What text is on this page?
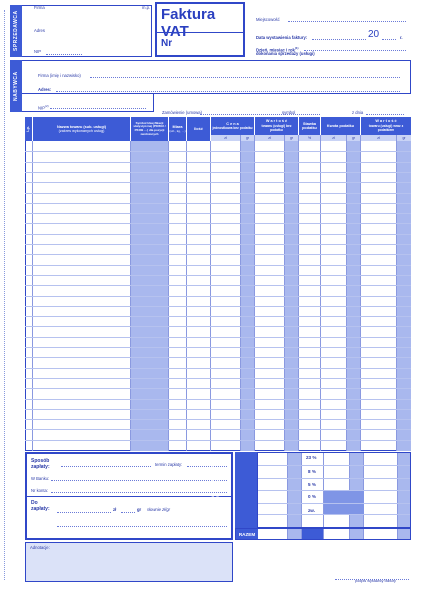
SPRZEDAWCA
Firma	m.p.
Adres
NIP
Faktura VAT
Nr
Miejscowość
Data wystawienia faktury:	20	r.
Dzień, miesiąc i rok$^{(1)}$
dokonania sprzedaży (usługi)
NABYWCA	Firma (imię i nazwisko)
Adres:
NIP$^{(2)}$
Zamówienie (umowa)	symbol	z dnia
Lp.	Nazwa towaru (sub. usługi)
(zakres wykonanych usług)
Symbol klasyfikacji statystycznej (PKWiU / PKOB …) dla pozycji zwolnionych
Miara
(szt., kg, …)
Ilość
C e n a
jednostkowa bez podatku
W a r t o ś ć
towaru (usługi) bez podatku
Stawka podatku
Kwota podatku
W a r t o ś ć
towaru (usługi) wraz z podatkiem
zł	gr	zł	gr	%	zł	gr	zł	gr
Sposób zapłaty:	termin zapłaty:
W Banku:
Nr konta:
Do zapłaty:	zł	gr słownie zł/gr	Zestawienie sprzedaży wg stawek podatku
23 %
8 %
5 %
0 %
zw.
RAZEM
Adnotacje:
podpis wystawcy faktury
